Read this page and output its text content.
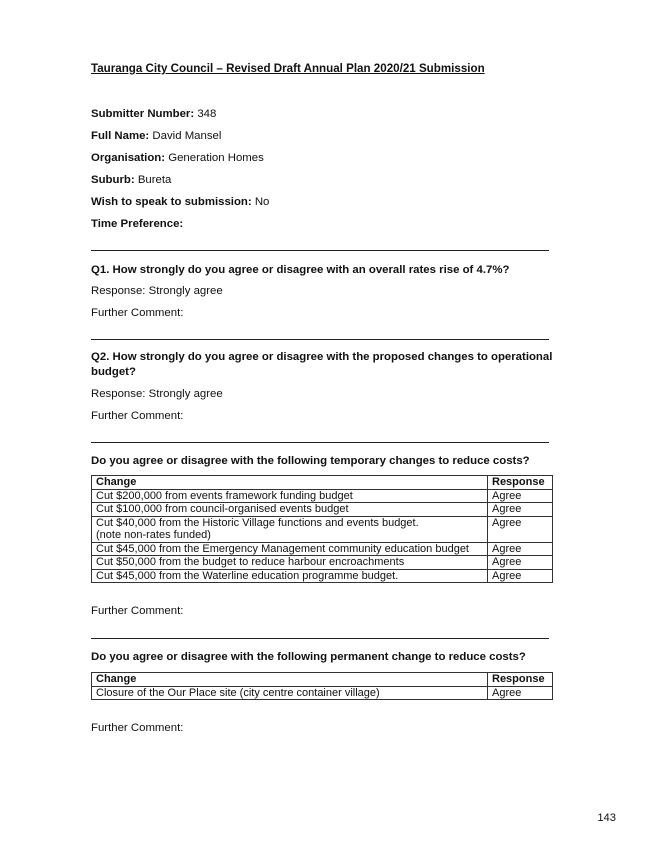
Tauranga City Council – Revised Draft Annual Plan 2020/21 Submission
Submitter Number: 348
Full Name: David Mansel
Organisation: Generation Homes
Suburb: Bureta
Wish to speak to submission: No
Time Preference:
Q1. How strongly do you agree or disagree with an overall rates rise of 4.7%?
Response: Strongly agree
Further Comment:
Q2. How strongly do you agree or disagree with the proposed changes to operational budget?
Response: Strongly agree
Further Comment:
Do you agree or disagree with the following temporary changes to reduce costs?
Change	Response
Cut $200,000 from events framework funding budget	Agree
Cut $100,000 from council-organised events budget	Agree

Cut $40,000 from the Historic Village functions and events budget.
(note non-rates funded)	Agree
Cut $45,000 from the Emergency Management community education budget	Agree
Cut $50,000 from the budget to reduce harbour encroachments	Agree
Cut $45,000 from the Waterline education programme budget.	Agree
Further Comment:
Do you agree or disagree with the following permanent change to reduce costs?
Change	Response
Closure of the Our Place site (city centre container village)	Agree
Further Comment:
143
